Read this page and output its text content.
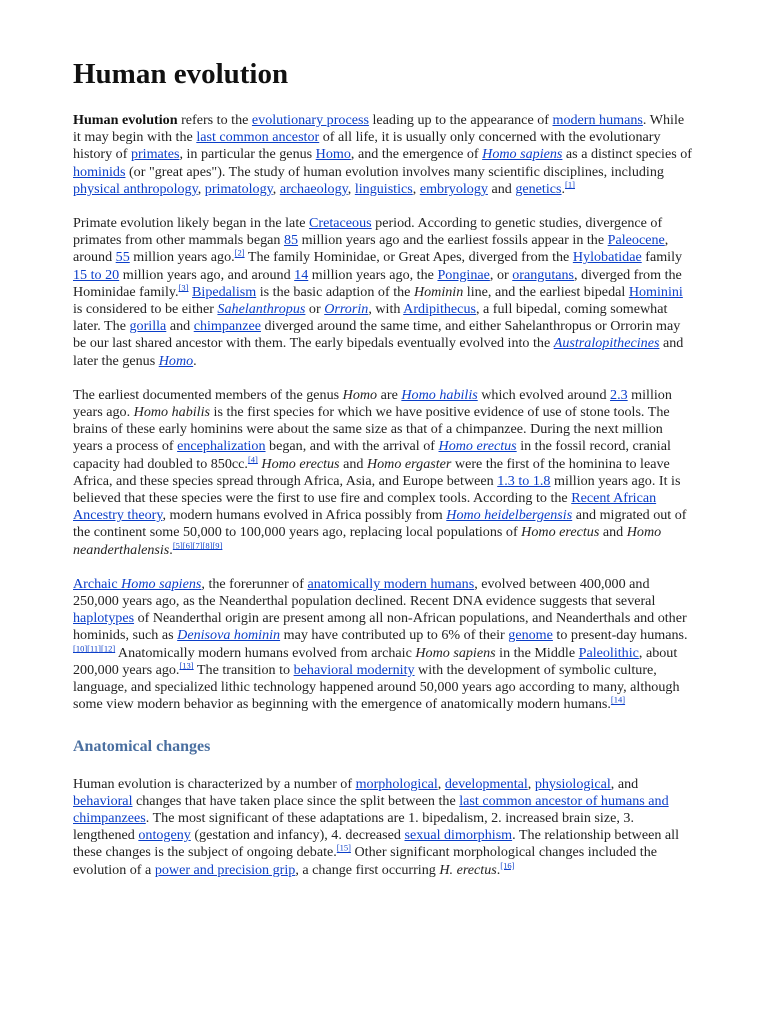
Human evolution

Human evolution refers to the evolutionary process leading up to the appearance of modern humans. While it may begin with the last common ancestor of all life, it is usually only concerned with the evolutionary history of primates, in particular the genus Homo, and the emergence of Homo sapiens as a distinct species of hominids (or "great apes"). The study of human evolution involves many scientific disciplines, including physical anthropology, primatology, archaeology, linguistics, embryology and genetics.[1]

Primate evolution likely began in the late Cretaceous period. According to genetic studies, divergence of primates from other mammals began 85 million years ago and the earliest fossils appear in the Paleocene, around 55 million years ago.[2] The family Hominidae, or Great Apes, diverged from the Hylobatidae family 15 to 20 million years ago, and around 14 million years ago, the Ponginae, or orangutans, diverged from the Hominidae family.[3] Bipedalism is the basic adaption of the Hominin line, and the earliest bipedal Hominini is considered to be either Sahelanthropus or Orrorin, with Ardipithecus, a full bipedal, coming somewhat later. The gorilla and chimpanzee diverged around the same time, and either Sahelanthropus or Orrorin may be our last shared ancestor with them. The early bipedals eventually evolved into the Australopithecines and later the genus Homo.

The earliest documented members of the genus Homo are Homo habilis which evolved around 2.3 million years ago. Homo habilis is the first species for which we have positive evidence of use of stone tools. The brains of these early hominins were about the same size as that of a chimpanzee. During the next million years a process of encephalization began, and with the arrival of Homo erectus in the fossil record, cranial capacity had doubled to 850cc.[4] Homo erectus and Homo ergaster were the first of the hominina to leave Africa, and these species spread through Africa, Asia, and Europe between 1.3 to 1.8 million years ago. It is believed that these species were the first to use fire and complex tools. According to the Recent African Ancestry theory, modern humans evolved in Africa possibly from Homo heidelbergensis and migrated out of the continent some 50,000 to 100,000 years ago, replacing local populations of Homo erectus and Homo neanderthalensis.[5][6][7][8][9]

Archaic Homo sapiens, the forerunner of anatomically modern humans, evolved between 400,000 and 250,000 years ago, as the Neanderthal population declined. Recent DNA evidence suggests that several haplotypes of Neanderthal origin are present among all non-African populations, and Neanderthals and other hominids, such as Denisova hominin may have contributed up to 6% of their genome to present-day humans.[10][11][12] Anatomically modern humans evolved from archaic Homo sapiens in the Middle Paleolithic, about 200,000 years ago.[13] The transition to behavioral modernity with the development of symbolic culture, language, and specialized lithic technology happened around 50,000 years ago according to many, although some view modern behavior as beginning with the emergence of anatomically modern humans.[14]

Anatomical changes

Human evolution is characterized by a number of morphological, developmental, physiological, and behavioral changes that have taken place since the split between the last common ancestor of humans and chimpanzees. The most significant of these adaptations are 1. bipedalism, 2. increased brain size, 3. lengthened ontogeny (gestation and infancy), 4. decreased sexual dimorphism. The relationship between all these changes is the subject of ongoing debate.[15] Other significant morphological changes included the evolution of a power and precision grip, a change first occurring H. erectus.[16]
